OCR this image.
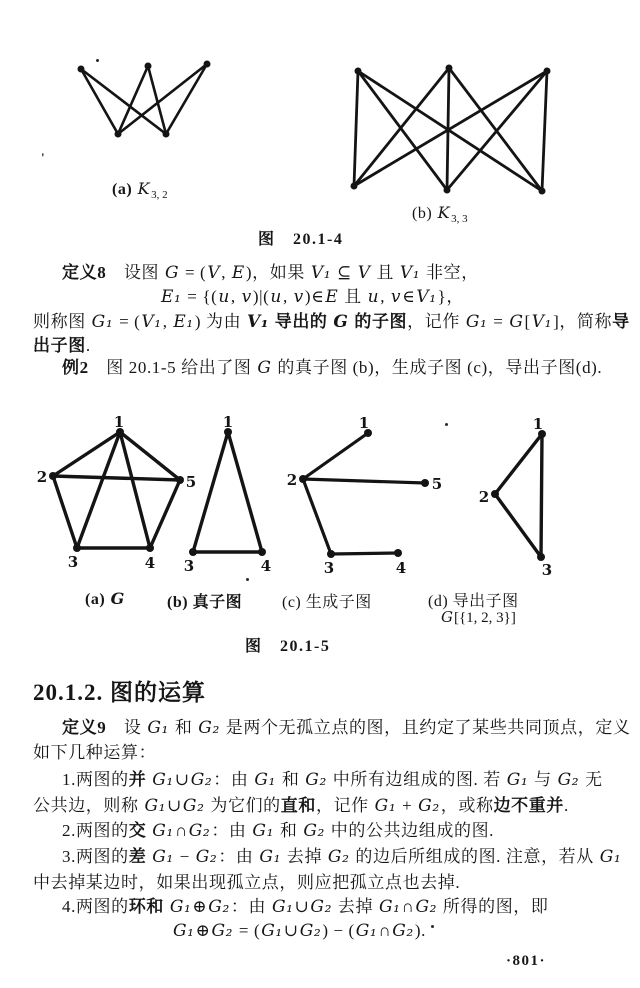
1
2
3	4
5
1
3	4
1
2
3	4
5
1
2
3
'
(a) $K_{3, 2}$
(b) $K_{3, 3}$
图　20.1-4
定义8　设图 G = (V, E)，如果 V₁ ⊆ V 且 V₁ 非空，
E₁ = {(u, v)|(u, v)∈E 且 u, v∈V₁}，
则称图 G₁ = (V₁, E₁) 为由 V₁ 导出的 G 的子图，记作 G₁ = G[V₁]，简称导
出子图.
例2　图 20.1-5 给出了图 G 的真子图 (b)，生成子图 (c)，导出子图(d).
(a) G	(b) 真子图 (c) 生成子图	(d) 导出子图
G[{1, 2, 3}]
图　20.1-5
20.1.2. 图的运算
定义9　设 G₁ 和 G₂ 是两个无孤立点的图，且约定了某些共同顶点，定义
如下几种运算：
1.两图的并 G₁∪G₂：由 G₁ 和 G₂ 中所有边组成的图. 若 G₁ 与 G₂ 无
公共边，则称 G₁∪G₂ 为它们的直和，记作 G₁ + G₂，或称边不重并.
2.两图的交 G₁∩G₂：由 G₁ 和 G₂ 中的公共边组成的图.
3.两图的差 G₁ − G₂：由 G₁ 去掉 G₂ 的边后所组成的图. 注意，若从 G₁
中去掉某边时，如果出现孤立点，则应把孤立点也去掉.
4.两图的环和 G₁⊕G₂：由 G₁∪G₂ 去掉 G₁∩G₂ 所得的图，即
G₁⊕G₂ = (G₁∪G₂) − (G₁∩G₂).
·801·
